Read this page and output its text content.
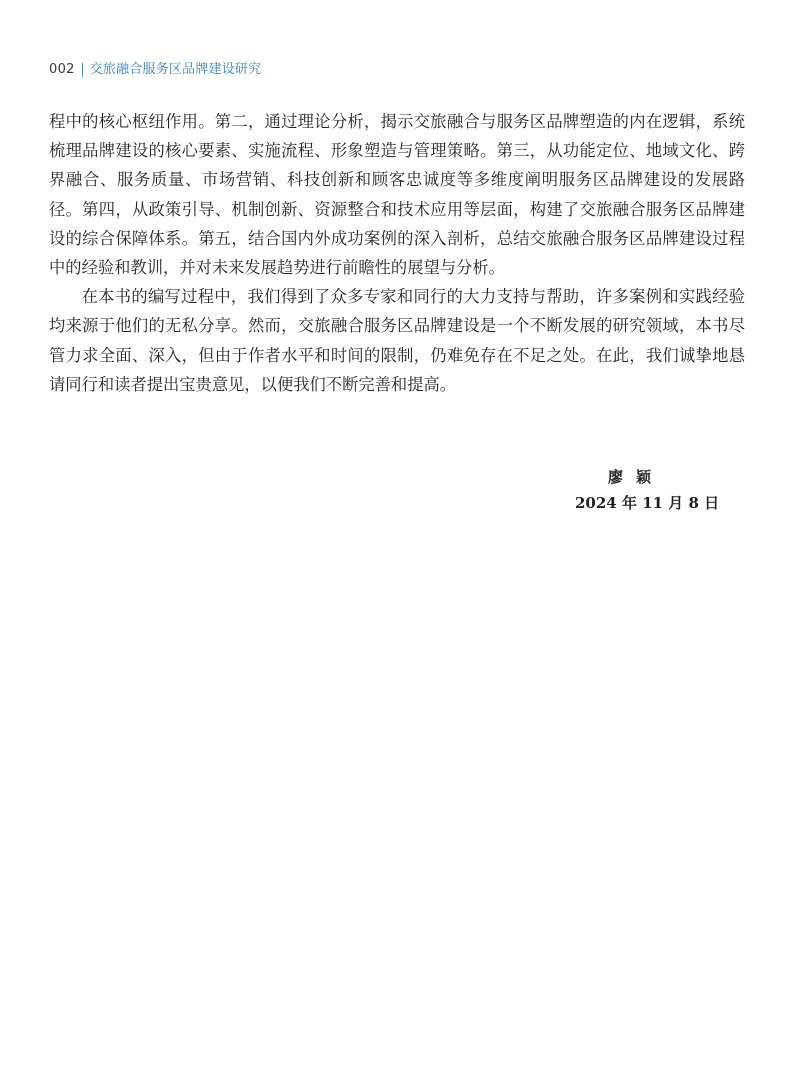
002 交旅融合服务区品牌建设研究

程中的核心枢纽作用。第二，通过理论分析，揭示交旅融合与服务区品牌塑造的内在逻辑，系统梳理品牌建设的核心要素、实施流程、形象塑造与管理策略。第三，从功能定位、地域文化、跨界融合、服务质量、市场营销、科技创新和顾客忠诚度等多维度阐明服务区品牌建设的发展路径。第四，从政策引导、机制创新、资源整合和技术应用等层面，构建了交旅融合服务区品牌建设的综合保障体系。第五，结合国内外成功案例的深入剖析，总结交旅融合服务区品牌建设过程中的经验和教训，并对未来发展趋势进行前瞻性的展望与分析。

在本书的编写过程中，我们得到了众多专家和同行的大力支持与帮助，许多案例和实践经验均来源于他们的无私分享。然而，交旅融合服务区品牌建设是一个不断发展的研究领域，本书尽管力求全面、深入，但由于作者水平和时间的限制，仍难免存在不足之处。在此，我们诚挚地恳请同行和读者提出宝贵意见，以便我们不断完善和提高。

廖颖
2024 年 11 月 8 日
